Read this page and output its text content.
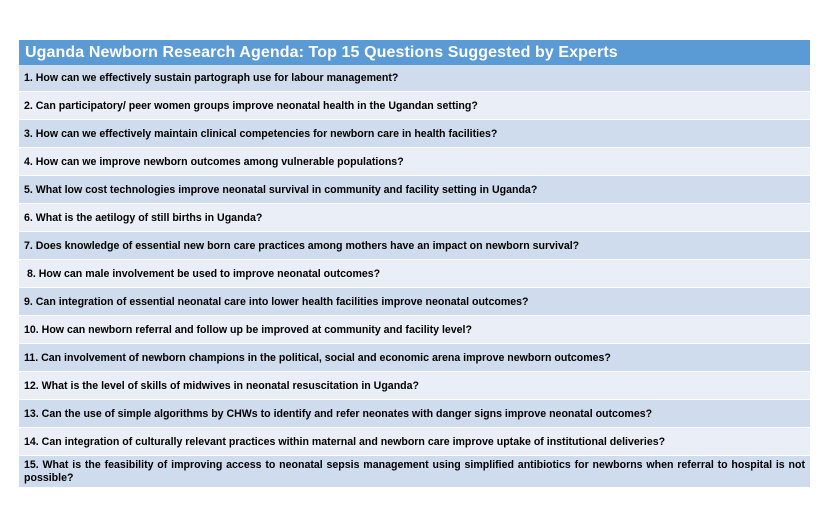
Uganda Newborn Research Agenda: Top 15 Questions Suggested by Experts
1. How can we effectively sustain partograph use for labour management?
2. Can participatory/ peer women groups improve neonatal health in the Ugandan setting?
3. How can we effectively maintain clinical competencies for newborn care in health facilities?
4. How can we improve newborn outcomes among vulnerable populations?
5. What low cost technologies improve neonatal survival in community and facility setting in Uganda?
6. What is the aetilogy of still births in Uganda?
7. Does knowledge of essential new born care practices among mothers have an impact on newborn survival?
8. How can male involvement be used to improve neonatal outcomes?
9. Can integration of essential neonatal care into lower health facilities improve neonatal outcomes?
10. How can newborn referral and follow up be improved at community and facility level?
11. Can involvement of newborn champions in the political, social and economic arena improve newborn outcomes?
12. What is the level of skills of midwives in neonatal resuscitation in Uganda?
13. Can the use of simple algorithms by CHWs to identify and refer neonates with danger signs improve neonatal outcomes?
14. Can integration of culturally relevant practices within maternal and newborn care improve uptake of institutional deliveries?
15. What is the feasibility of improving access to neonatal sepsis management using simplified antibiotics for newborns when referral to hospital is not possible?
